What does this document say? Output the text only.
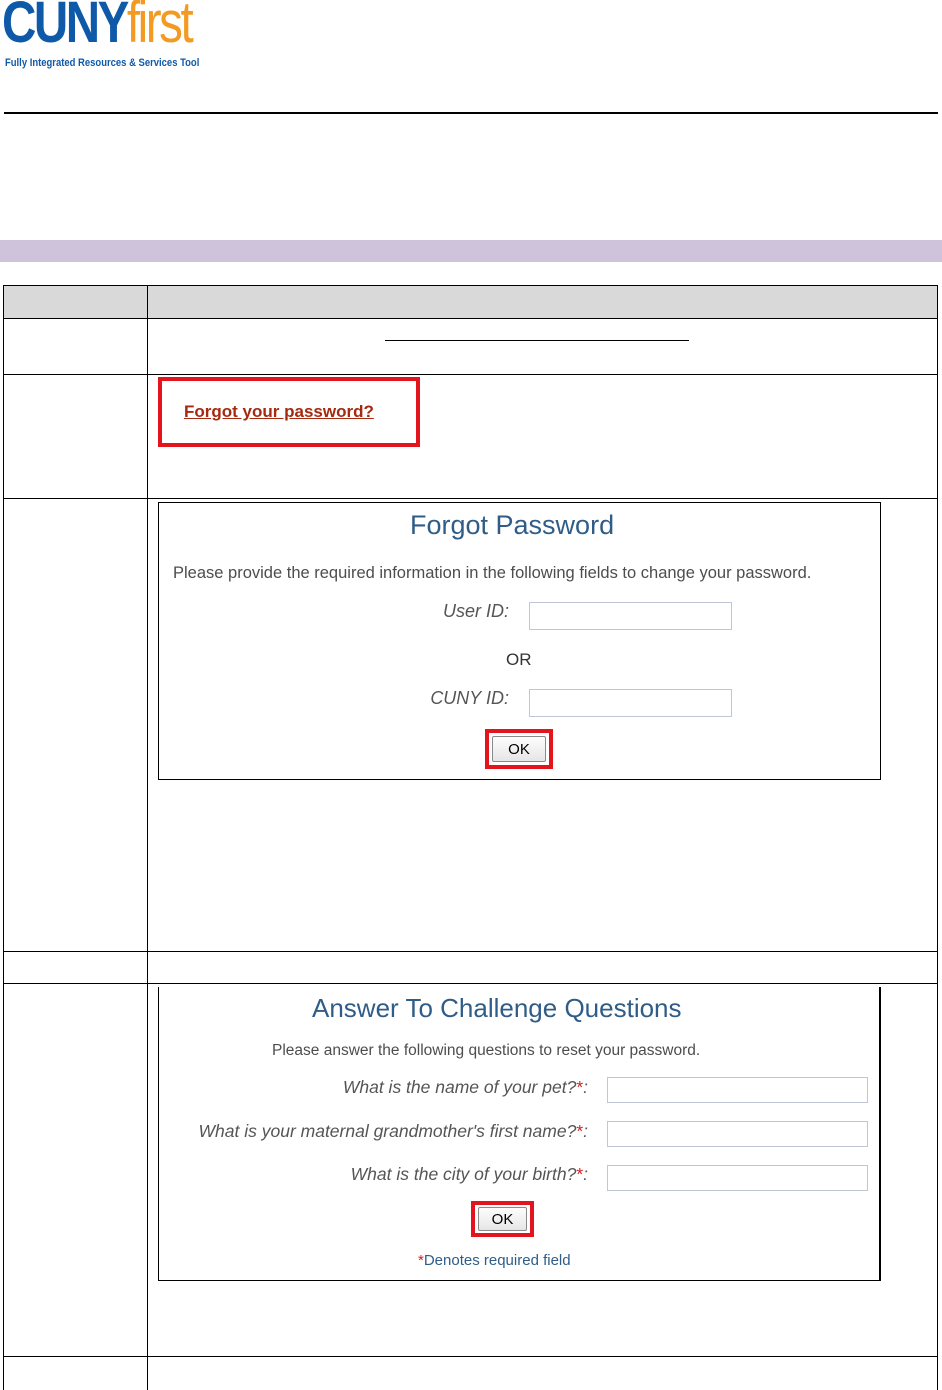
CUNYfirst
Fully Integrated Resources & Services Tool
Forgot your password?
Forgot Password
Please provide the required information in the following fields to change your password.
User ID:
OR
CUNY ID:
OK
Answer To Challenge Questions
Please answer the following questions to reset your password.
What is the name of your pet?*:
What is your maternal grandmother's first name?*:
What is the city of your birth?*:
OK
*Denotes required field
